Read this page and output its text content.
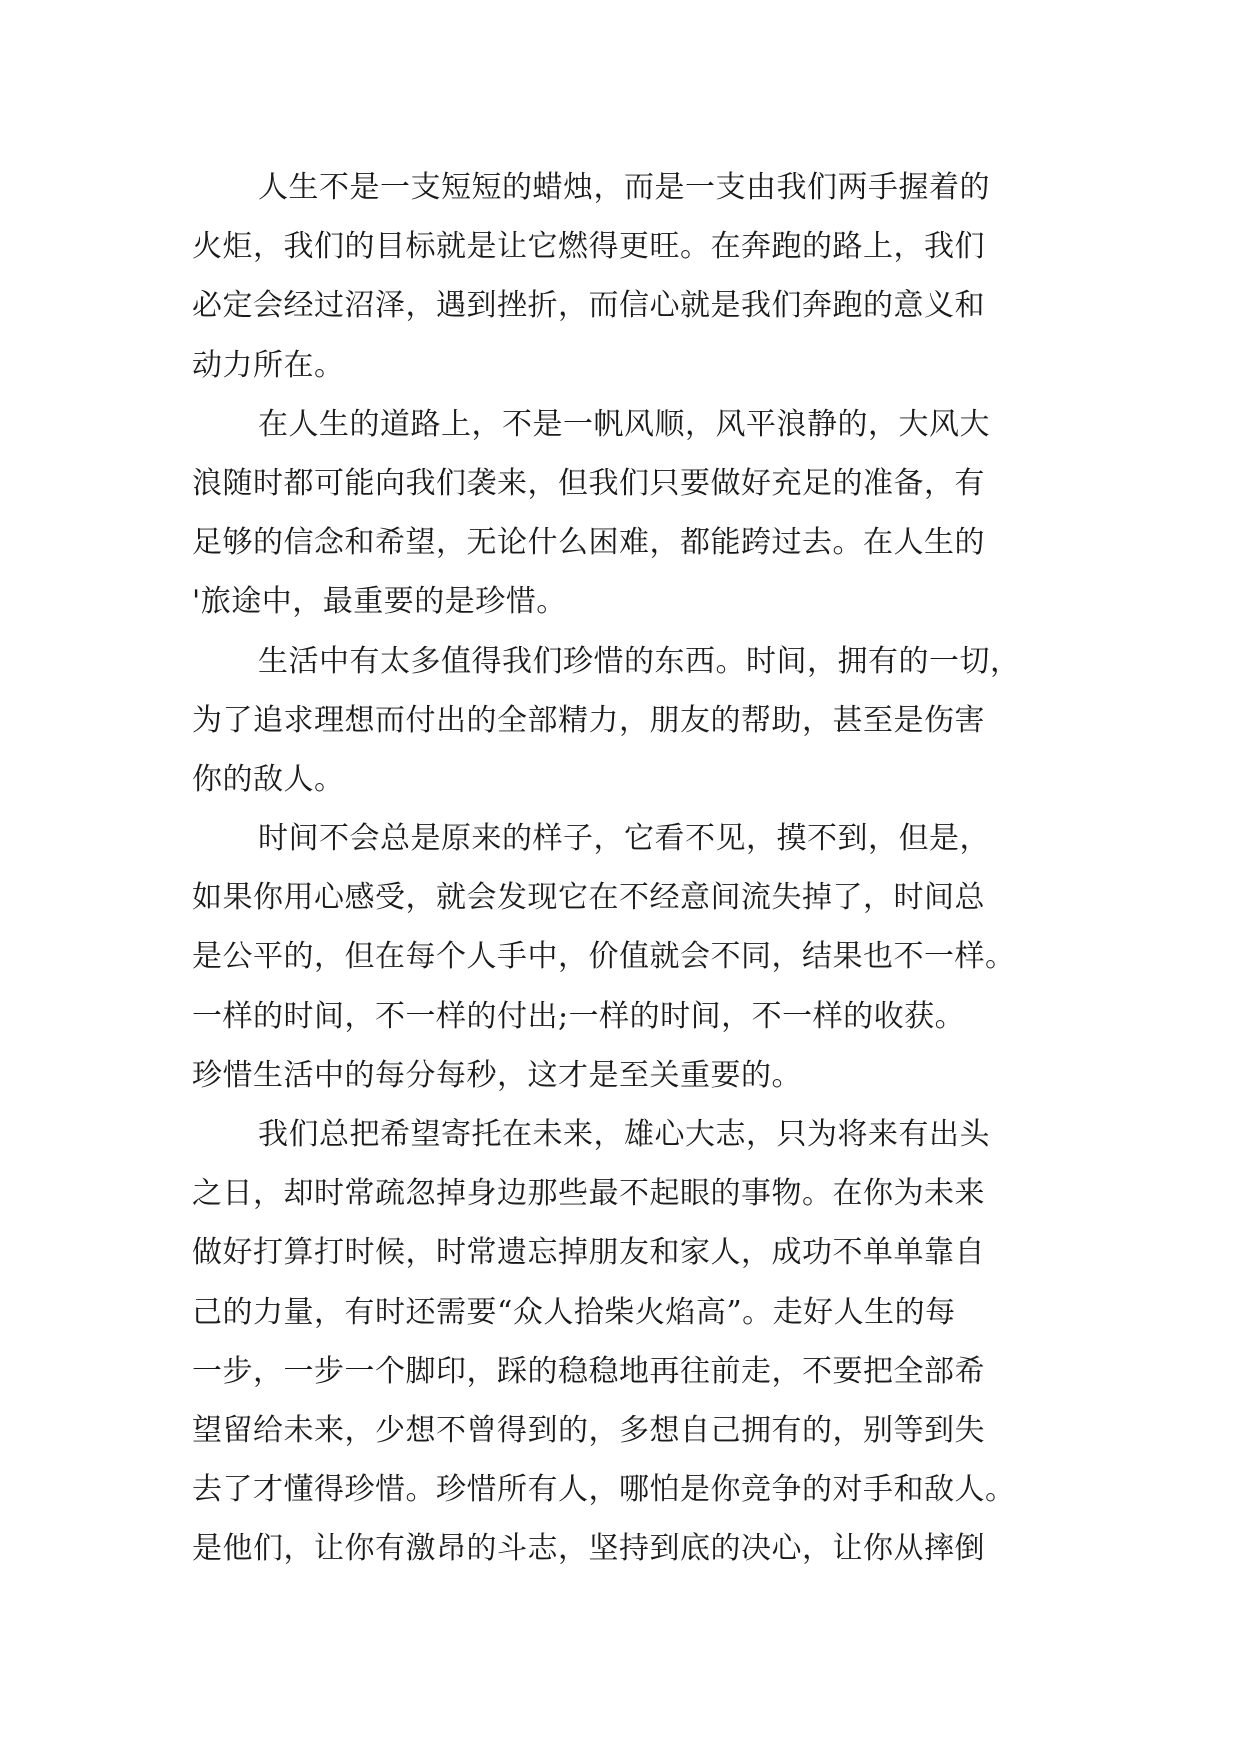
人生不是一支短短的蜡烛，而是一支由我们两手握着的
火炬，我们的目标就是让它燃得更旺。在奔跑的路上，我们
必定会经过沼泽，遇到挫折，而信心就是我们奔跑的意义和
动力所在。
在人生的道路上，不是一帆风顺，风平浪静的，大风大
浪随时都可能向我们袭来，但我们只要做好充足的准备，有
足够的信念和希望，无论什么困难，都能跨过去。在人生的
'旅途中，最重要的是珍惜。
生活中有太多值得我们珍惜的东西。时间，拥有的一切，
为了追求理想而付出的全部精力，朋友的帮助，甚至是伤害
你的敌人。
时间不会总是原来的样子，它看不见，摸不到，但是，
如果你用心感受，就会发现它在不经意间流失掉了，时间总
是公平的，但在每个人手中，价值就会不同，结果也不一样。
一样的时间，不一样的付出;一样的时间，不一样的收获。
珍惜生活中的每分每秒，这才是至关重要的。
我们总把希望寄托在未来，雄心大志，只为将来有出头
之日，却时常疏忽掉身边那些最不起眼的事物。在你为未来
做好打算打时候，时常遗忘掉朋友和家人，成功不单单靠自
己的力量，有时还需要“众人拾柴火焰高”。走好人生的每
一步，一步一个脚印，踩的稳稳地再往前走，不要把全部希
望留给未来，少想不曾得到的，多想自己拥有的，别等到失
去了才懂得珍惜。珍惜所有人，哪怕是你竞争的对手和敌人。
是他们，让你有激昂的斗志，坚持到底的决心，让你从摔倒
